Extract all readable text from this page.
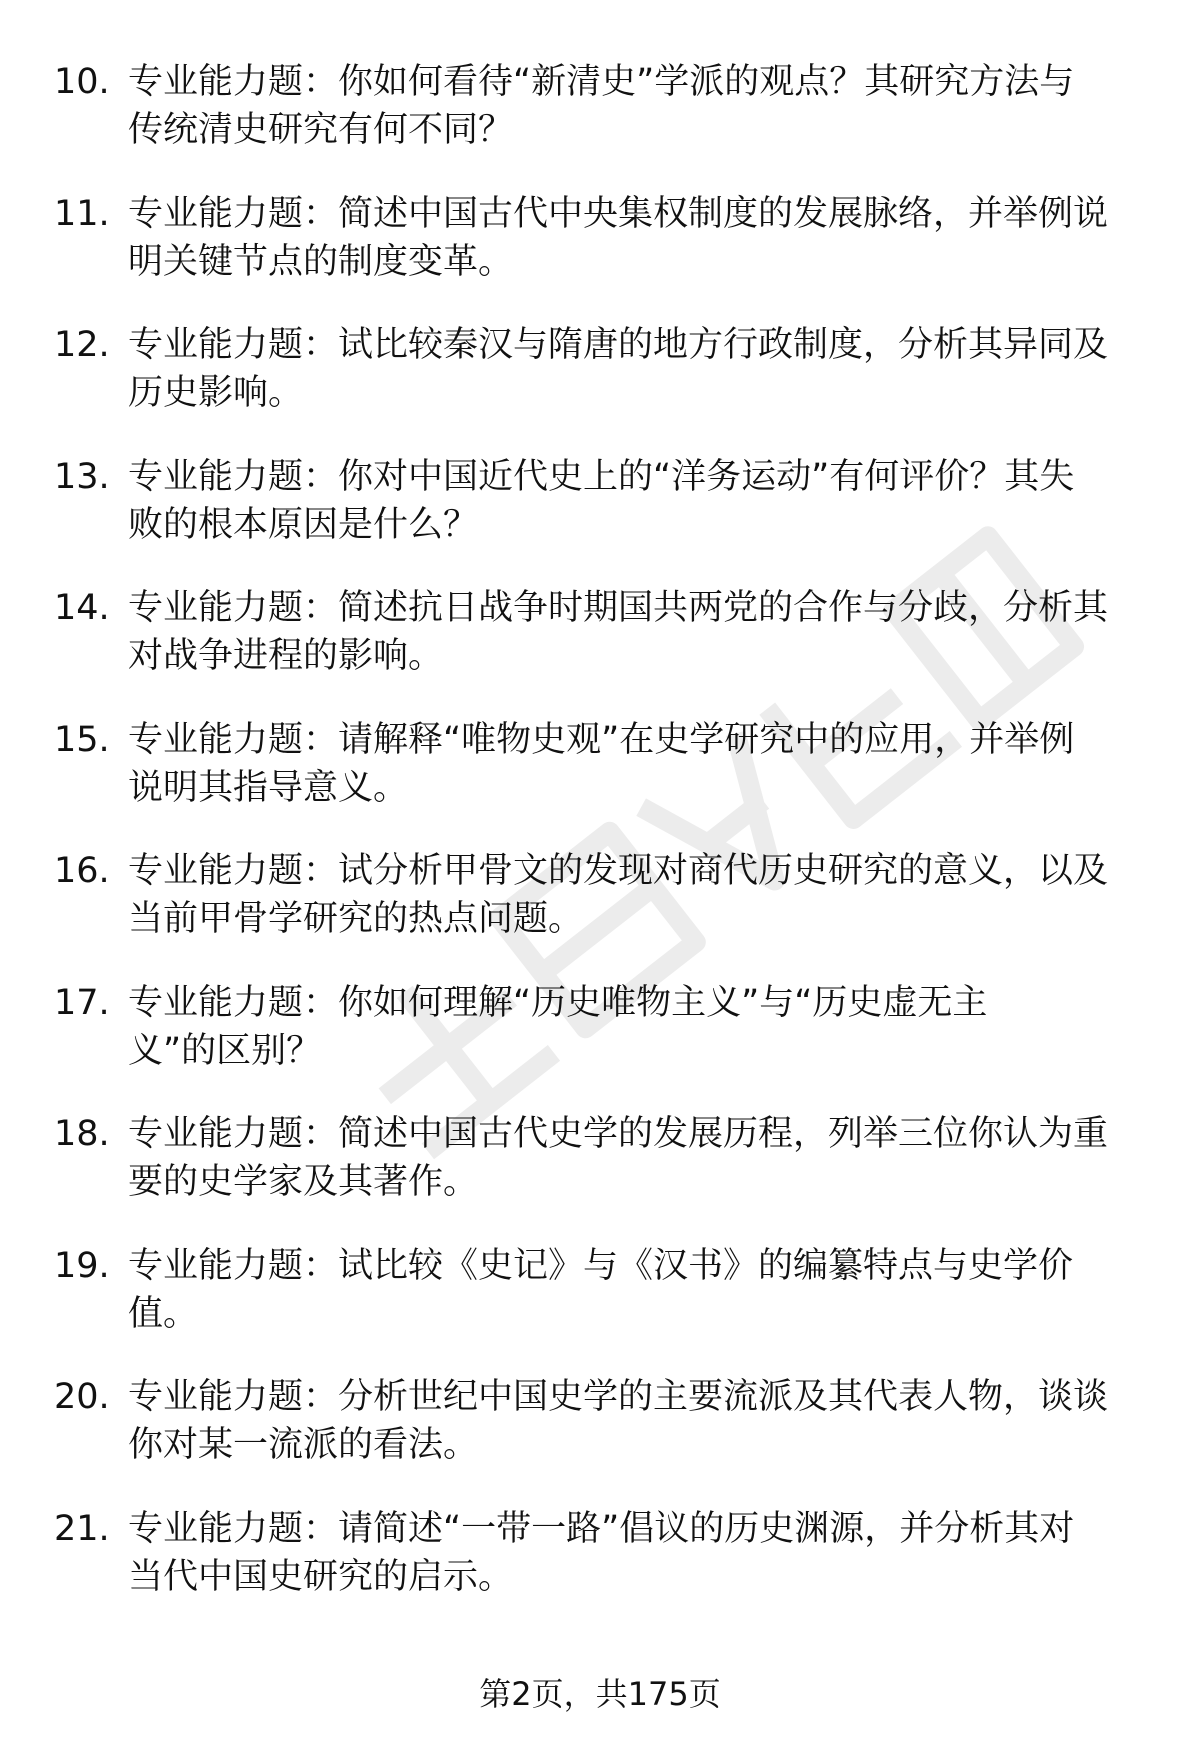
10. 专业能力题：你如何看待“新清史”学派的观点？其研究方法与
传统清史研究有何不同？
11. 专业能力题：简述中国古代中央集权制度的发展脉络，并举例说
明关键节点的制度变革。
12. 专业能力题：试比较秦汉与隋唐的地方行政制度，分析其异同及
历史影响。
13. 专业能力题：你对中国近代史上的“洋务运动”有何评价？其失
败的根本原因是什么？
14. 专业能力题：简述抗日战争时期国共两党的合作与分歧，分析其
对战争进程的影响。
15. 专业能力题：请解释“唯物史观”在史学研究中的应用，并举例
说明其指导意义。
16. 专业能力题：试分析甲骨文的发现对商代历史研究的意义，以及
当前甲骨学研究的热点问题。
17. 专业能力题：你如何理解“历史唯物主义”与“历史虚无主
义”的区别？
18. 专业能力题：简述中国古代史学的发展历程，列举三位你认为重
要的史学家及其著作。
19. 专业能力题：试比较《史记》与《汉书》的编纂特点与史学价
值。
20. 专业能力题：分析世纪中国史学的主要流派及其代表人物，谈谈
你对某一流派的看法。
21. 专业能力题：请简述“一带一路”倡议的历史渊源，并分析其对
当代中国史研究的启示。
第2页，共175页
